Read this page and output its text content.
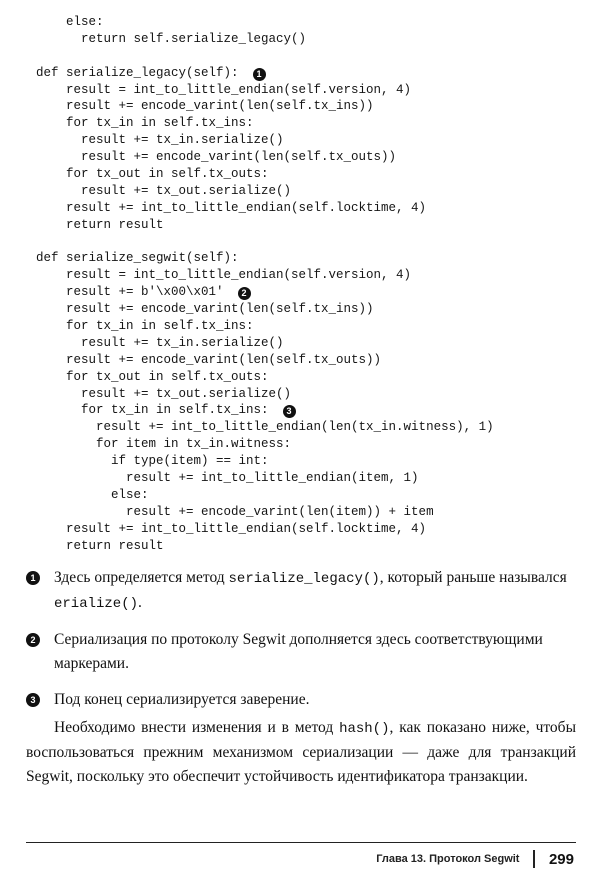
else:
return self.serialize_legacy()
def serialize_legacy(self): 1
result = int_to_little_endian(self.version, 4)
result += encode_varint(len(self.tx_ins))
for tx_in in self.tx_ins:
result += tx_in.serialize()
result += encode_varint(len(self.tx_outs))
for tx_out in self.tx_outs:
result += tx_out.serialize()
result += int_to_little_endian(self.locktime, 4)
return result
def serialize_segwit(self):
result = int_to_little_endian(self.version, 4)
result += b'\x00\x01' 2
result += encode_varint(len(self.tx_ins))
for tx_in in self.tx_ins:
result += tx_in.serialize()
result += encode_varint(len(self.tx_outs))
for tx_out in self.tx_outs:
result += tx_out.serialize()
for tx_in in self.tx_ins: 3
result += int_to_little_endian(len(tx_in.witness), 1)
for item in tx_in.witness:
if type(item) == int:
result += int_to_little_endian(item, 1)
else:
result += encode_varint(len(item)) + item
result += int_to_little_endian(self.locktime, 4)
return result
1 Здесь определяется метод serialize_legacy(), который раньше назывался erialize().
2 Сериализация по протоколу Segwit дополняется здесь соответствующими маркерами.
3 Под конец сериализируется заверение.

Необходимо внести изменения и в метод hash(), как показано ниже, чтобы воспользоваться прежним механизмом сериализации — даже для транзакций Segwit, поскольку это обеспечит устойчивость идентификатора транзакции.

Глава 13. Протокол Segwit 299
